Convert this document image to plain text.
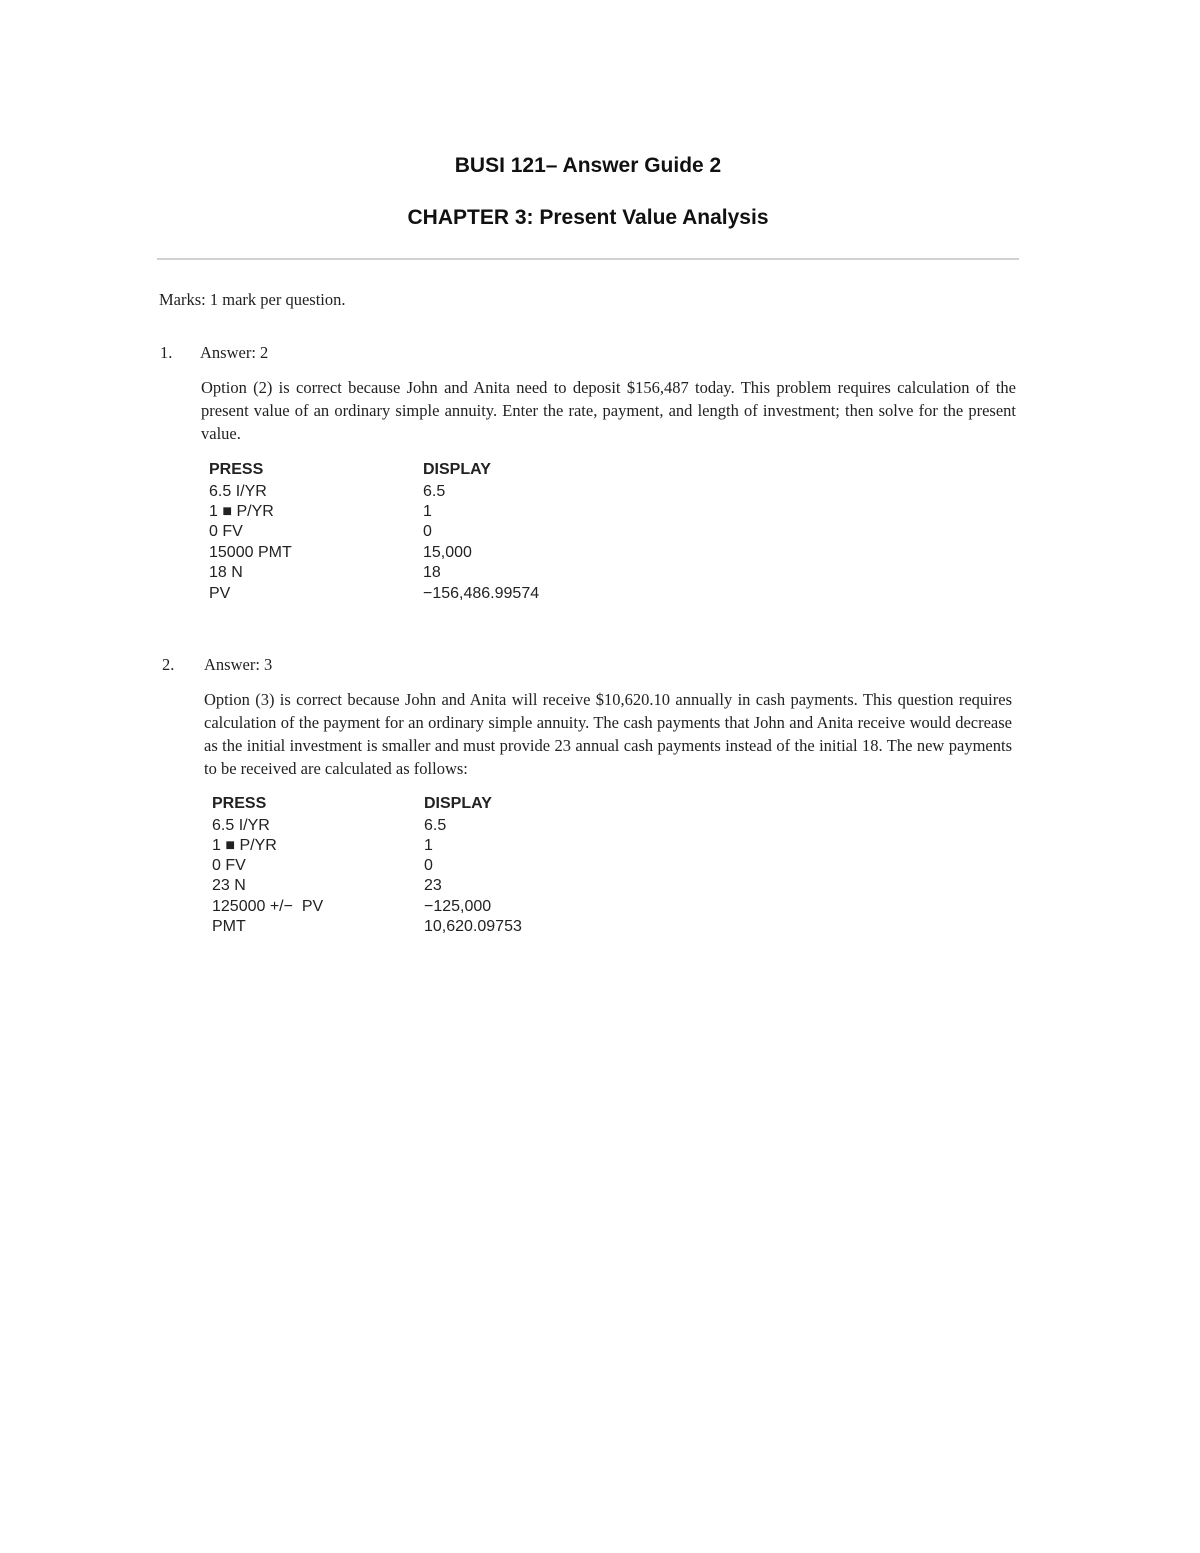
BUSI 121– Answer Guide 2
CHAPTER 3: Present Value Analysis
Marks: 1 mark per question.
1. Answer: 2
Option (2) is correct because John and Anita need to deposit $156,487 today. This problem requires calculation of the present value of an ordinary simple annuity. Enter the rate, payment, and length of investment; then solve for the present value.
PRESS	DISPLAY
6.5 I/YR	6.5
1 ■ P/YR	1
0 FV	0
15000 PMT	15,000
18 N	18
PV	−156,486.99574
2. Answer: 3
Option (3) is correct because John and Anita will receive $10,620.10 annually in cash payments. This question requires calculation of the payment for an ordinary simple annuity. The cash payments that John and Anita receive would decrease as the initial investment is smaller and must provide 23 annual cash payments instead of the initial 18. The new payments to be received are calculated as follows:
PRESS	DISPLAY
6.5 I/YR	6.5
1 ■ P/YR	1
0 FV	0
23 N	23
125000 +/−  PV	−125,000
PMT	10,620.09753
